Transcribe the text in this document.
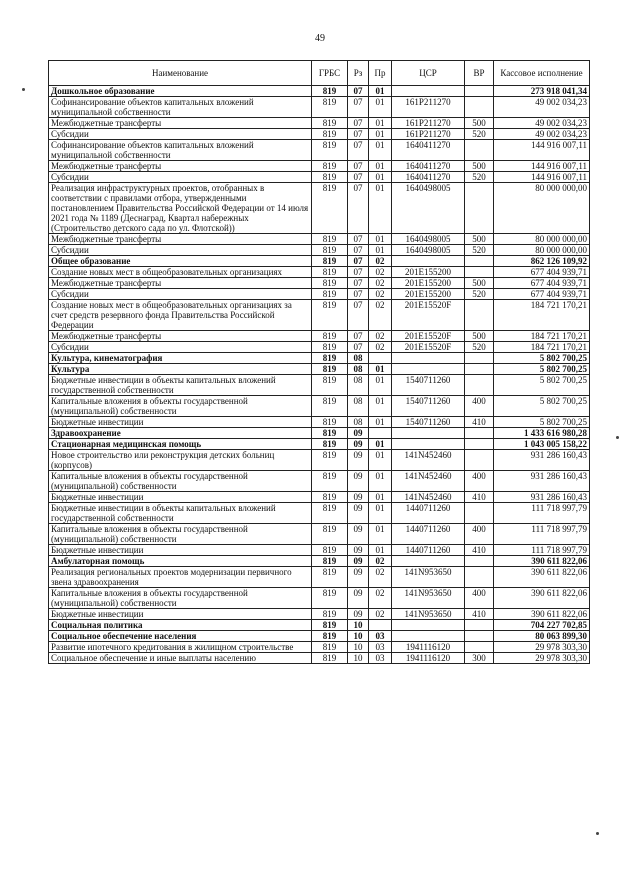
49
Наименование	ГРБС	Рз	Пр	ЦСР	ВР	Кассовое исполнение
Дошкольное образование	819	07	01			273 918 041,34
Софинансирование объектов капитальных вложений муниципальной собственности	819	07	01	161Р211270		49 002 034,23
Межбюджетные трансферты	819	07	01	161Р211270	500	49 002 034,23
Субсидии	819	07	01	161Р211270	520	49 002 034,23
Софинансирование объектов капитальных вложений муниципальной собственности	819	07	01	1640411270		144 916 007,11
Межбюджетные трансферты	819	07	01	1640411270	500	144 916 007,11
Субсидии	819	07	01	1640411270	520	144 916 007,11
Реализация инфраструктурных проектов, отобранных в соответствии с правилами отбора, утвержденными постановлением Правительства Российской Федерации от 14 июля 2021 года № 1189 (Деснаград, Квартал набережных (Строительство детского сада по ул. Флотской))	819	07	01	1640498005		80 000 000,00
Межбюджетные трансферты	819	07	01	1640498005	500	80 000 000,00
Субсидии	819	07	01	1640498005	520	80 000 000,00
Общее образование	819	07	02			862 126 109,92
Создание новых мест в общеобразовательных организациях	819	07	02	201Е155200		677 404 939,71
Межбюджетные трансферты	819	07	02	201Е155200	500	677 404 939,71
Субсидии	819	07	02	201Е155200	520	677 404 939,71
Создание новых мест в общеобразовательных организациях за счет средств резервного фонда Правительства Российской Федерации	819	07	02	201Е15520F		184 721 170,21
Межбюджетные трансферты	819	07	02	201Е15520F	500	184 721 170,21
Субсидии	819	07	02	201Е15520F	520	184 721 170,21
Культура, кинематография	819	08				5 802 700,25
Культура	819	08	01			5 802 700,25
Бюджетные инвестиции в объекты капитальных вложений государственной собственности	819	08	01	1540711260		5 802 700,25
Капитальные вложения в объекты государственной (муниципальной) собственности	819	08	01	1540711260	400	5 802 700,25
Бюджетные инвестиции	819	08	01	1540711260	410	5 802 700,25
Здравоохранение	819	09				1 433 616 980,28
Стационарная медицинская помощь	819	09	01			1 043 005 158,22
Новое строительство или реконструкция детских больниц (корпусов)	819	09	01	141N452460		931 286 160,43
Капитальные вложения в объекты государственной (муниципальной) собственности	819	09	01	141N452460	400	931 286 160,43
Бюджетные инвестиции	819	09	01	141N452460	410	931 286 160,43
Бюджетные инвестиции в объекты капитальных вложений государственной собственности	819	09	01	1440711260		111 718 997,79
Капитальные вложения в объекты государственной (муниципальной) собственности	819	09	01	1440711260	400	111 718 997,79
Бюджетные инвестиции	819	09	01	1440711260	410	111 718 997,79
Амбулаторная помощь	819	09	02			390 611 822,06
Реализация региональных проектов модернизации первичного звена здравоохранения	819	09	02	141N953650		390 611 822,06
Капитальные вложения в объекты государственной (муниципальной) собственности	819	09	02	141N953650	400	390 611 822,06
Бюджетные инвестиции	819	09	02	141N953650	410	390 611 822,06
Социальная политика	819	10				704 227 702,85
Социальное обеспечение населения	819	10	03			80 063 899,30
Развитие ипотечного кредитования в жилищном строительстве	819	10	03	1941116120		29 978 303,30
Социальное обеспечение и иные выплаты населению	819	10	03	1941116120	300	29 978 303,30
